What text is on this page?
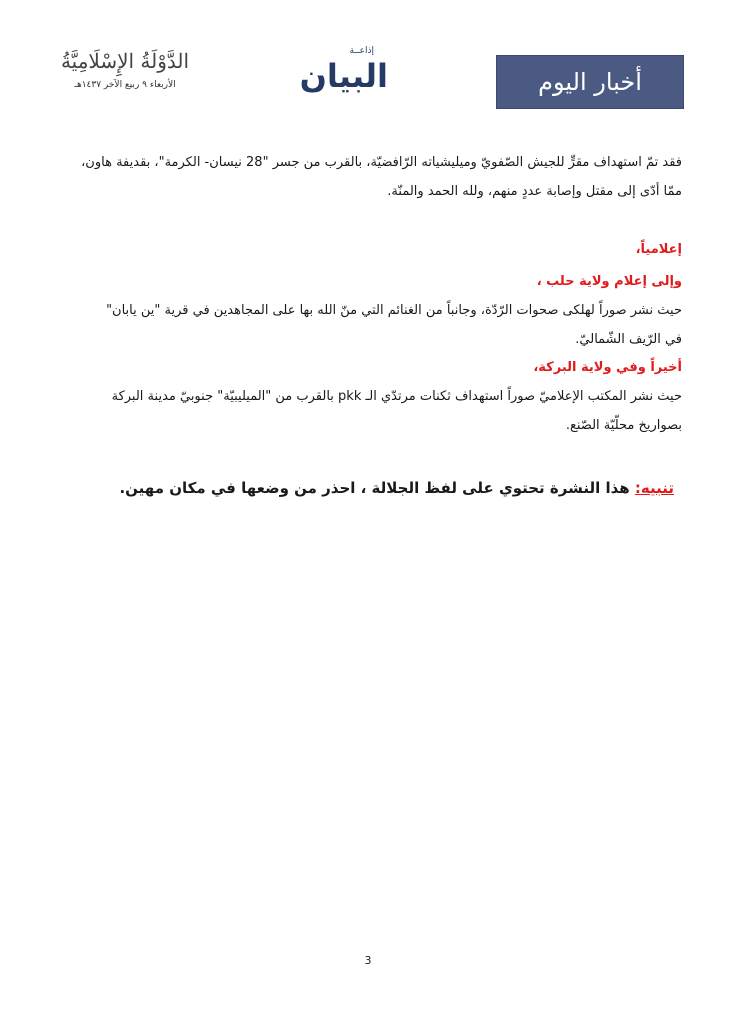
الدَّوْلَةُ الإِسْلَامِيَّةُ
الأربعاء ٩ ربيع الآخر ١٤٣٧هـ
إذاعــة
البيان	أخبار اليوم

فقد تمّ استهداف مقرٍّ للجيش الصّفويّ وميليشياته الرّافضيّة، بالقرب من جسر "28 نيسان- الكرمة"، بقديفة هاون،

ممّا أدّى إلى مقتل وإصابة عددٍ منهم، ولله الحمد والمنّة.

إعلامياً،

وإلى إعلام ولاية حلب ،

حيث نشر صوراً لهلكى صحوات الرّدّة، وجانباً من الغنائم التي منّ الله بها على المجاهدين في قرية "ين يابان"

في الرّيف الشّماليّ.

أخيراً وفي ولاية البركة،

حيث نشر المكتب الإعلاميّ صوراً استهداف ثكنات مرتدّي الـ pkk بالقرب من "الميليبيّة" جنوبيّ مدينة البركة

بصواريخ محلّيّة الصّنع.

تنبيه: هذا النشرة تحتوي على لفظ الجلالة ، احذر من وضعها في مكان مهين.

3
